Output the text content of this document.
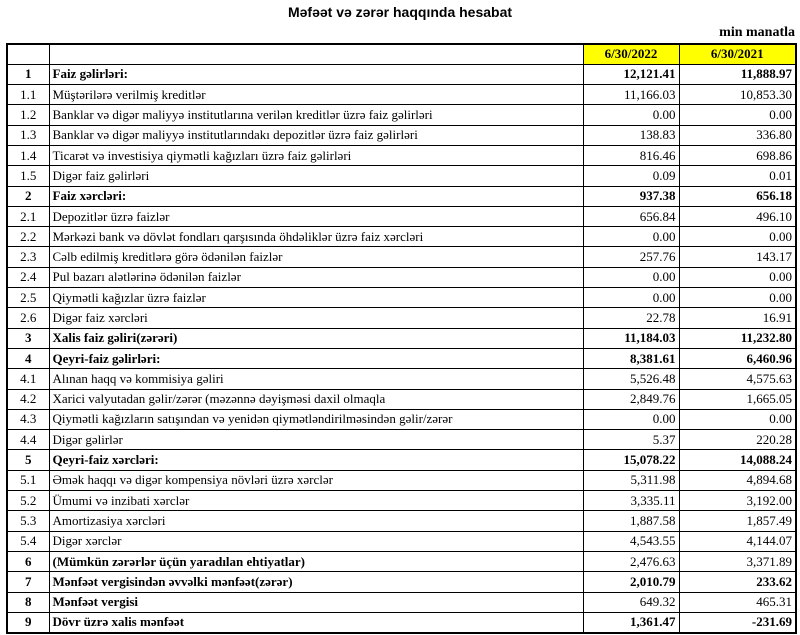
Məfəət və zərər haqqında hesabat
min manatla
		6/30/2022	6/30/2021
1	Faiz gəlirləri:	12,121.41	11,888.97
1.1	Müştərilərə verilmiş kreditlər	11,166.03	10,853.30
1.2	Banklar və digər maliyyə institutlarına verilən kreditlər üzrə faiz gəlirləri	0.00	0.00
1.3	Banklar və digər maliyyə institutlarındakı depozitlər üzrə faiz gəlirləri	138.83	336.80
1.4	Ticarət və investisiya qiymətli kağızları üzrə faiz gəlirləri	816.46	698.86
1.5	Digər faiz gəlirləri	0.09	0.01
2	Faiz xərcləri:	937.38	656.18
2.1	Depozitlər üzrə faizlər	656.84	496.10
2.2	Mərkəzi bank və dövlət fondları qarşısında öhdəliklər üzrə faiz xərcləri	0.00	0.00
2.3	Cəlb edilmiş kreditlərə görə ödənilən faizlər	257.76	143.17
2.4	Pul bazarı alətlərinə ödənilən faizlər	0.00	0.00
2.5	Qiymətli kağızlar üzrə faizlər	0.00	0.00
2.6	Digər faiz xərcləri	22.78	16.91
3	Xalis faiz gəliri(zərəri)	11,184.03	11,232.80
4	Qeyri-faiz gəlirləri:	8,381.61	6,460.96
4.1	Alınan haqq və kommisiya gəliri	5,526.48	4,575.63
4.2	Xarici valyutadan gəlir/zərər (məzənnə dəyişməsi daxil olmaqla	2,849.76	1,665.05
4.3	Qiymətli kağızların satışından və yenidən qiymətləndirilməsindən gəlir/zərər	0.00	0.00
4.4	Digər gəlirlər	5.37	220.28
5	Qeyri-faiz xərcləri:	15,078.22	14,088.24
5.1	Əmək haqqı və digər kompensiya növləri üzrə xərclər	5,311.98	4,894.68
5.2	Ümumi və inzibati xərclər	3,335.11	3,192.00
5.3	Amortizasiya xərcləri	1,887.58	1,857.49
5.4	Digər xərclər	4,543.55	4,144.07
6	(Mümkün zərərlər üçün yaradılan ehtiyatlar)	2,476.63	3,371.89
7	Mənfəət vergisindən əvvəlki mənfəət(zərər)	2,010.79	233.62
8	Mənfəət vergisi	649.32	465.31
9	Dövr üzrə xalis mənfəət	1,361.47	-231.69
